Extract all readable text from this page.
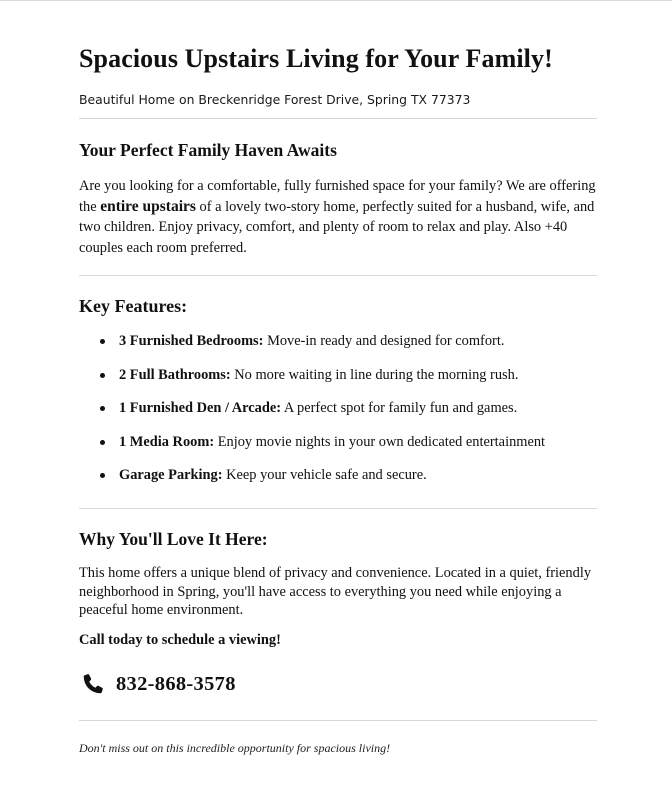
Spacious Upstairs Living for Your Family!
Beautiful Home on Breckenridge Forest Drive, Spring TX 77373
Your Perfect Family Haven Awaits

Are you looking for a comfortable, fully furnished space for your family? We are offering the entire upstairs of a lovely two-story home, perfectly suited for a husband, wife, and two children. Enjoy privacy, comfort, and plenty of room to relax and play. Also +40 couples each room preferred.

Key Features:
3 Furnished Bedrooms: Move-in ready and designed for comfort.
2 Full Bathrooms: No more waiting in line during the morning rush.
1 Furnished Den / Arcade: A perfect spot for family fun and games.
1 Media Room: Enjoy movie nights in your own dedicated entertainment
Garage Parking: Keep your vehicle safe and secure.
Why You'll Love It Here:

This home offers a unique blend of privacy and convenience. Located in a quiet, friendly neighborhood in Spring, you'll have access to everything you need while enjoying a peaceful home environment.

Call today to schedule a viewing!
832-868-3578
Don't miss out on this incredible opportunity for spacious living!
